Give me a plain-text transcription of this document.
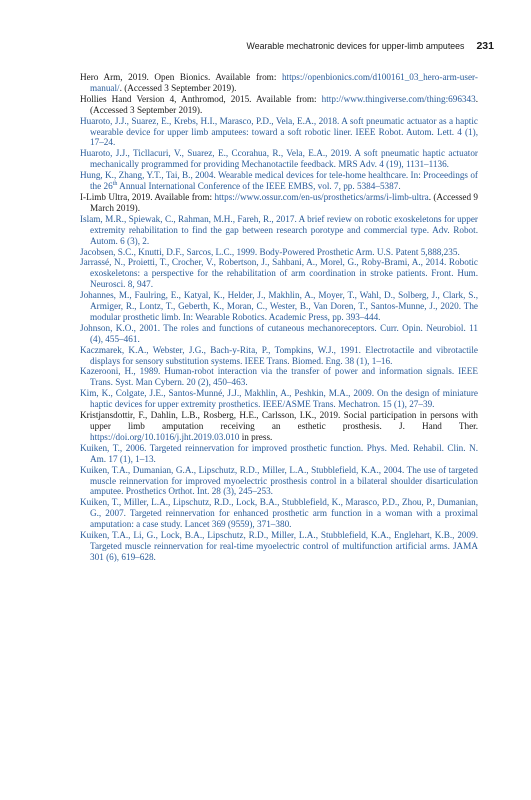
Wearable mechatronic devices for upper-limb amputees 231
Hero Arm, 2019. Open Bionics. Available from: https://openbionics.com/d100161_03_hero-arm-user-manual/. (Accessed 3 September 2019).
Hollies Hand Version 4, Anthromod, 2015. Available from: http://www.thingiverse.com/thing:696343. (Accessed 3 September 2019).
Huaroto, J.J., Suarez, E., Krebs, H.I., Marasco, P.D., Vela, E.A., 2018. A soft pneumatic actuator as a haptic wearable device for upper limb amputees: toward a soft robotic liner. IEEE Robot. Autom. Lett. 4 (1), 17–24.
Huaroto, J.J., Ticllacuri, V., Suarez, E., Ccorahua, R., Vela, E.A., 2019. A soft pneumatic haptic actuator mechanically programmed for providing Mechanotactile feedback. MRS Adv. 4 (19), 1131–1136.
Hung, K., Zhang, Y.T., Tai, B., 2004. Wearable medical devices for tele-home healthcare. In: Proceedings of the 26th Annual International Conference of the IEEE EMBS, vol. 7, pp. 5384–5387.
I-Limb Ultra, 2019. Available from: https://www.ossur.com/en-us/prosthetics/arms/i-limb-ultra. (Accessed 9 March 2019).
Islam, M.R., Spiewak, C., Rahman, M.H., Fareh, R., 2017. A brief review on robotic exoskeletons for upper extremity rehabilitation to find the gap between research porotype and commercial type. Adv. Robot. Autom. 6 (3), 2.
Jacobsen, S.C., Knutti, D.F., Sarcos, L.C., 1999. Body-Powered Prosthetic Arm. U.S. Patent 5,888,235.
Jarrassé, N., Proietti, T., Crocher, V., Robertson, J., Sahbani, A., Morel, G., Roby-Brami, A., 2014. Robotic exoskeletons: a perspective for the rehabilitation of arm coordination in stroke patients. Front. Hum. Neurosci. 8, 947.
Johannes, M., Faulring, E., Katyal, K., Helder, J., Makhlin, A., Moyer, T., Wahl, D., Solberg, J., Clark, S., Armiger, R., Lontz, T., Geberth, K., Moran, C., Wester, B., Van Doren, T., Santos-Munne, J., 2020. The modular prosthetic limb. In: Wearable Robotics. Academic Press, pp. 393–444.
Johnson, K.O., 2001. The roles and functions of cutaneous mechanoreceptors. Curr. Opin. Neurobiol. 11 (4), 455–461.
Kaczmarek, K.A., Webster, J.G., Bach-y-Rita, P., Tompkins, W.J., 1991. Electrotactile and vibrotactile displays for sensory substitution systems. IEEE Trans. Biomed. Eng. 38 (1), 1–16.
Kazerooni, H., 1989. Human-robot interaction via the transfer of power and information signals. IEEE Trans. Syst. Man Cybern. 20 (2), 450–463.
Kim, K., Colgate, J.E., Santos-Munné, J.J., Makhlin, A., Peshkin, M.A., 2009. On the design of miniature haptic devices for upper extremity prosthetics. IEEE/ASME Trans. Mechatron. 15 (1), 27–39.
Kristjansdottir, F., Dahlin, L.B., Rosberg, H.E., Carlsson, I.K., 2019. Social participation in persons with upper limb amputation receiving an esthetic prosthesis. J. Hand Ther. https://doi.org/10.1016/j.jht.2019.03.010 in press.
Kuiken, T., 2006. Targeted reinnervation for improved prosthetic function. Phys. Med. Rehabil. Clin. N. Am. 17 (1), 1–13.
Kuiken, T.A., Dumanian, G.A., Lipschutz, R.D., Miller, L.A., Stubblefield, K.A., 2004. The use of targeted muscle reinnervation for improved myoelectric prosthesis control in a bilateral shoulder disarticulation amputee. Prosthetics Orthot. Int. 28 (3), 245–253.
Kuiken, T., Miller, L.A., Lipschutz, R.D., Lock, B.A., Stubblefield, K., Marasco, P.D., Zhou, P., Dumanian, G., 2007. Targeted reinnervation for enhanced prosthetic arm function in a woman with a proximal amputation: a case study. Lancet 369 (9559), 371–380.
Kuiken, T.A., Li, G., Lock, B.A., Lipschutz, R.D., Miller, L.A., Stubblefield, K.A., Englehart, K.B., 2009. Targeted muscle reinnervation for real-time myoelectric control of multifunction artificial arms. JAMA 301 (6), 619–628.
